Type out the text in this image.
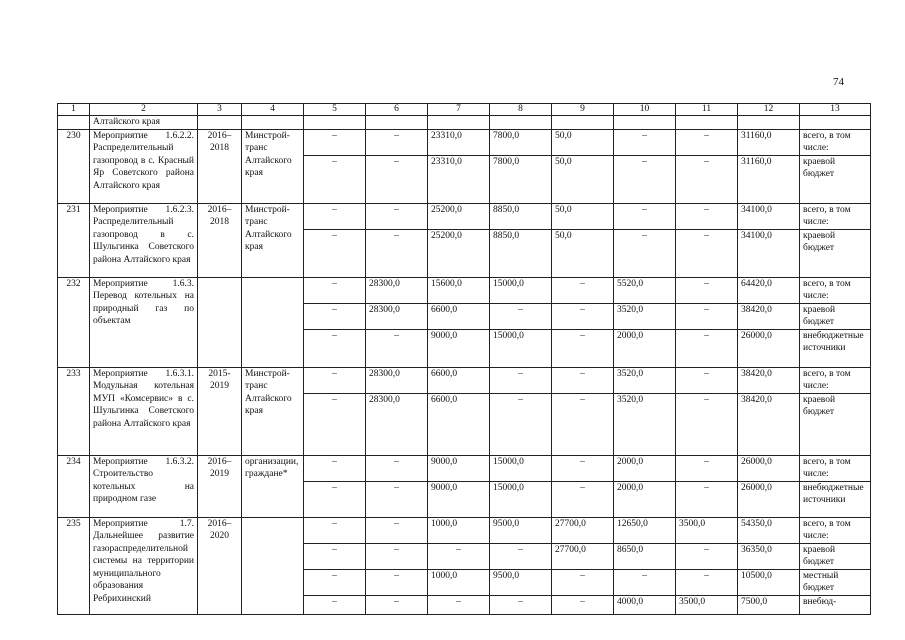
74
1	2	3	4	5	6	7	8	9	10	11	12	13
	Алтайского края											
230	Мероприятие 1.6.2.2. Распределительный газопровод в с. Красный Яр Советского района Алтайского края	2016–2018	Минстрой-транс Алтайского края	–	–	23310,0	7800,0	50,0	–	–	31160,0	всего, в том числе:
				–	–	23310,0	7800,0	50,0	–	–	31160,0	краевой бюджет
231	Мероприятие 1.6.2.3. Распределительный газопровод в с. Шульгинка Советского района Алтайского края	2016–2018	Минстрой-транс Алтайского края	–	–	25200,0	8850,0	50,0	–	–	34100,0	всего, в том числе:
				–	–	25200,0	8850,0	50,0	–	–	34100,0	краевой бюджет
232	Мероприятие 1.6.3. Перевод котельных на природный газ по объектам			–	28300,0	15600,0	15000,0	–	5520,0	–	64420,0	всего, в том числе:
				–	28300,0	6600,0	–	–	3520,0	–	38420,0	краевой бюджет
				–	–	9000,0	15000,0	–	2000,0	–	26000,0	внебюджетные источники
233	Мероприятие 1.6.3.1. Модульная котельная МУП «Комсервис» в с. Шульгинка Советского района Алтайского края	2015-2019	Минстрой-транс Алтайского края	–	28300,0	6600,0	–	–	3520,0	–	38420,0	всего, в том числе:
				–	28300,0	6600,0	–	–	3520,0	–	38420,0	краевой бюджет
234	Мероприятие 1.6.3.2. Строительство котельных на природном газе	2016–2019	организации, граждане*	–	–	9000,0	15000,0	–	2000,0	–	26000,0	всего, в том числе:
				–	–	9000,0	15000,0	–	2000,0	–	26000,0	внебюджетные источники
235	Мероприятие 1.7. Дальнейшее развитие газораспределительной системы на территории муниципального образования Ребрихинский	2016–2020		–	–	1000,0	9500,0	27700,0	12650,0	3500,0	54350,0	всего, в том числе:
				–	–	–	–	27700,0	8650,0	–	36350,0	краевой бюджет
				–	–	1000,0	9500,0	–	–	–	10500,0	местный бюджет
				–	–	–	–	–	4000,0	3500,0	7500,0	внебюд-
